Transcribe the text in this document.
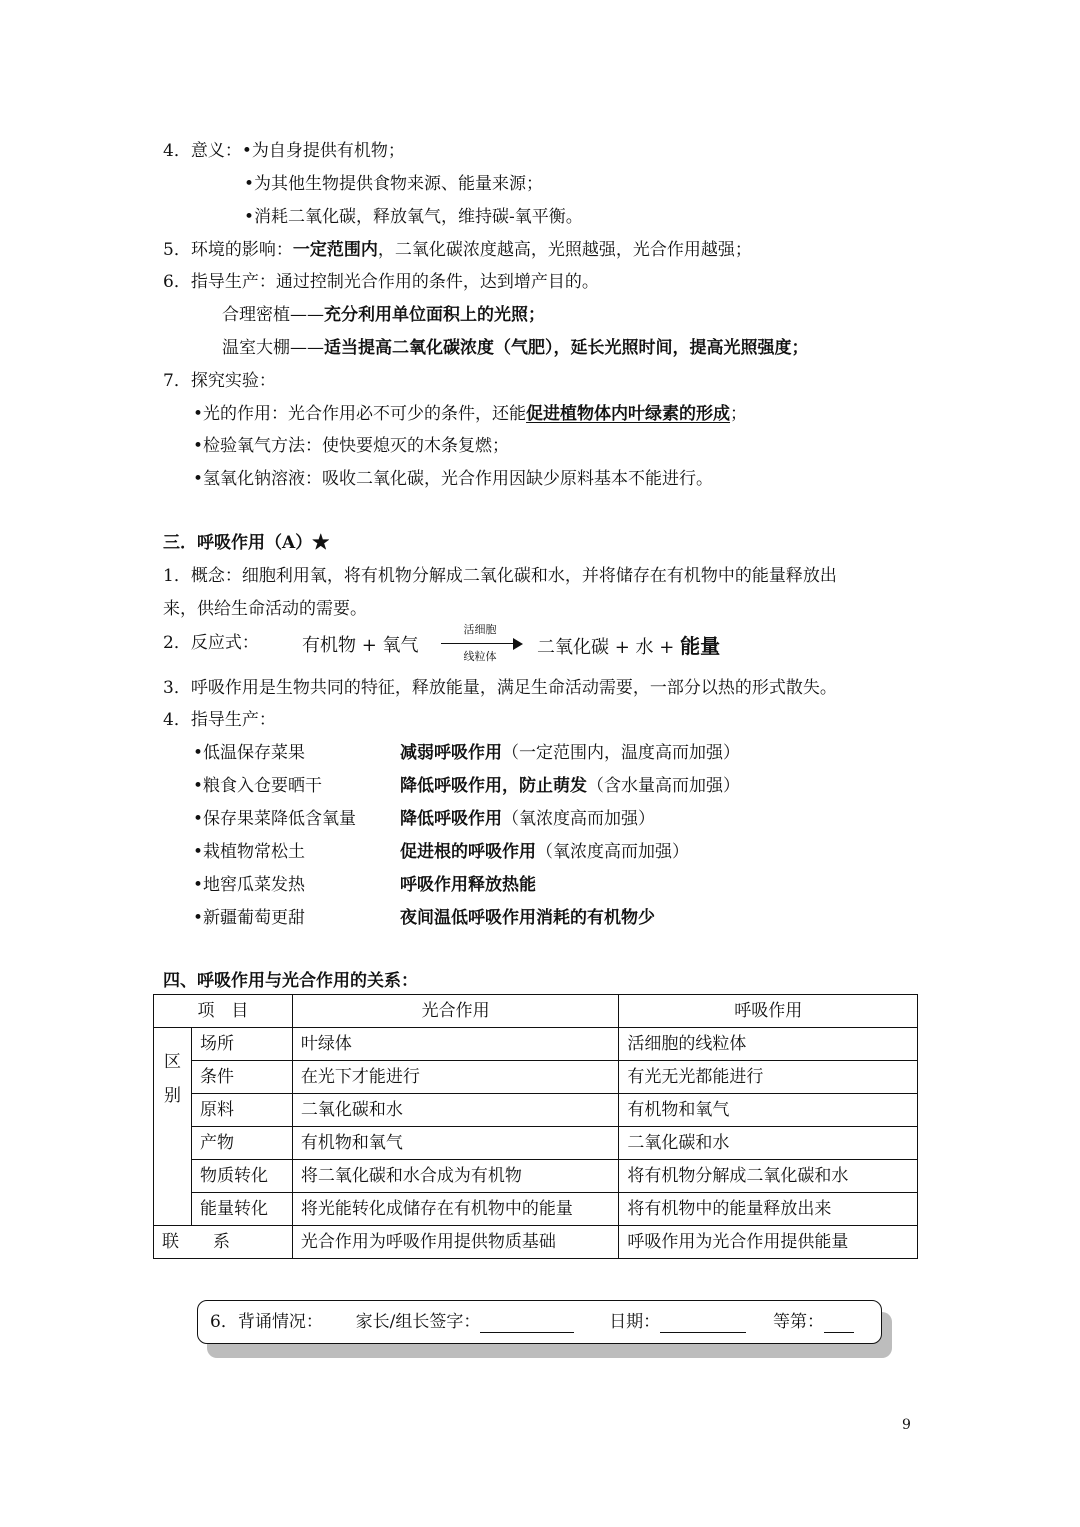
4．意义：•为自身提供有机物；
•为其他生物提供食物来源、能量来源；
•消耗二氧化碳，释放氧气，维持碳-氧平衡。
5．环境的影响：一定范围内，二氧化碳浓度越高，光照越强，光合作用越强；
6．指导生产：通过控制光合作用的条件，达到增产目的。
合理密植——充分利用单位面积上的光照；
温室大棚——适当提高二氧化碳浓度（气肥），延长光照时间，提高光照强度；
7．探究实验：
•光的作用：光合作用必不可少的条件，还能促进植物体内叶绿素的形成；
•检验氧气方法：使快要熄灭的木条复燃；
•氢氧化钠溶液：吸收二氧化碳，光合作用因缺少原料基本不能进行。
三．呼吸作用（A）★
1．概念：细胞利用氧，将有机物分解成二氧化碳和水，并将储存在有机物中的能量释放出
来，供给生命活动的需要。
2．反应式： 有机物 + 氧气
活细胞
线粒体	二氧化碳 + 水 + 能量
3．呼吸作用是生物共同的特征，释放能量，满足生命活动需要，一部分以热的形式散失。
4．指导生产：
•低温保存菜果	减弱呼吸作用（一定范围内，温度高而加强）
•粮食入仓要晒干	降低呼吸作用，防止萌发（含水量高而加强）
•保存果菜降低含氧量	降低呼吸作用（氧浓度高而加强）
•栽植物常松土	促进根的呼吸作用（氧浓度高而加强）
•地窖瓜菜发热	呼吸作用释放热能
•新疆葡萄更甜	夜间温低呼吸作用消耗的有机物少
四、呼吸作用与光合作用的关系：
项　目		光合作用	呼吸作用

区
别	场所	叶绿体	活细胞的线粒体
	条件	在光下才能进行	有光无光都能进行
	原料	二氧化碳和水	有机物和氧气
	产物	有机物和氧气	二氧化碳和水
	物质转化	将二氧化碳和水合成为有机物	将有机物分解成二氧化碳和水
	能量转化	将光能转化成储存在有机物中的能量	将有机物中的能量释放出来
联　　系		光合作用为呼吸作用提供物质基础	呼吸作用为光合作用提供能量
6．背诵情况： 家长/组长签字：	日期：	等第：
9
